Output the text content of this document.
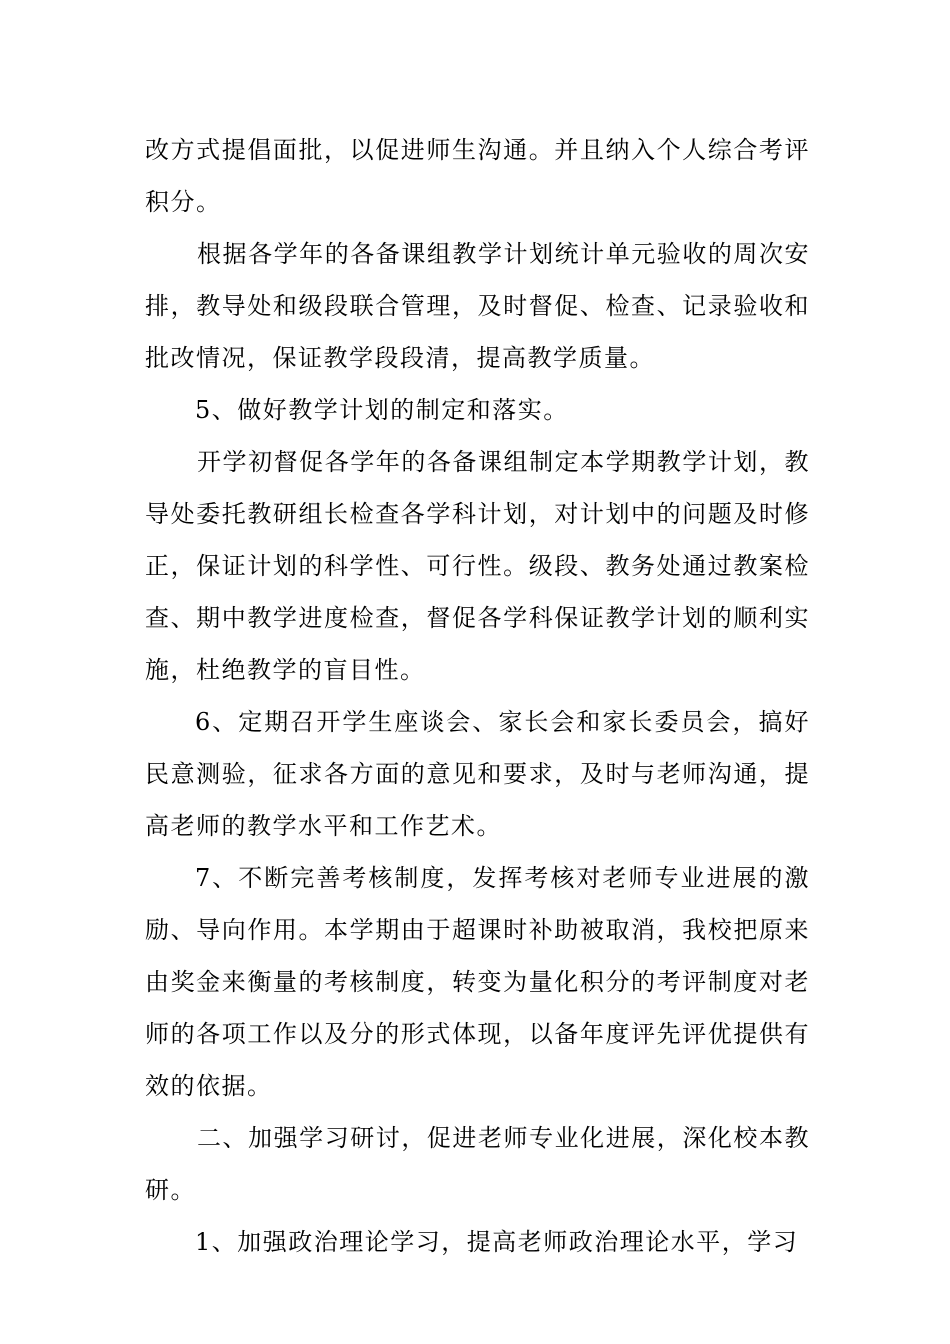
改方式提倡面批，以促进师生沟通。并且纳入个人综合考评积分。

根据各学年的各备课组教学计划统计单元验收的周次安排，教导处和级段联合管理，及时督促、检查、记录验收和批改情况，保证教学段段清，提高教学质量。

5、做好教学计划的制定和落实。

开学初督促各学年的各备课组制定本学期教学计划，教导处委托教研组长检查各学科计划，对计划中的问题及时修正，保证计划的科学性、可行性。级段、教务处通过教案检查、期中教学进度检查，督促各学科保证教学计划的顺利实施，杜绝教学的盲目性。

6、定期召开学生座谈会、家长会和家长委员会，搞好民意测验，征求各方面的意见和要求，及时与老师沟通，提高老师的教学水平和工作艺术。

7、不断完善考核制度，发挥考核对老师专业进展的激励、导向作用。本学期由于超课时补助被取消，我校把原来由奖金来衡量的考核制度，转变为量化积分的考评制度对老师的各项工作以及分的形式体现，以备年度评先评优提供有效的依据。

二、加强学习研讨，促进老师专业化进展，深化校本教研。

1、加强政治理论学习，提高老师政治理论水平，学习
